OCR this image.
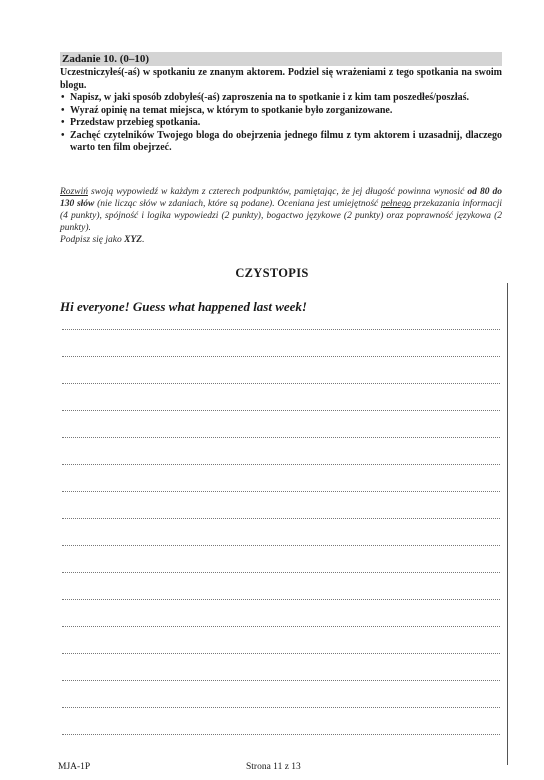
Zadanie 10. (0–10)

Uczestniczyłeś(-aś) w spotkaniu ze znanym aktorem. Podziel się wrażeniami z tego spotkania na swoim blogu.

• Napisz, w jaki sposób zdobyłeś(-aś) zaproszenia na to spotkanie i z kim tam poszedłeś/poszłaś.
• Wyraź opinię na temat miejsca, w którym to spotkanie było zorganizowane.
• Przedstaw przebieg spotkania.
• Zachęć czytelników Twojego bloga do obejrzenia jednego filmu z tym aktorem i uzasadnij, dlaczego warto ten film obejrzeć.

Rozwiń swoją wypowiedź w każdym z czterech podpunktów, pamiętając, że jej długość powinna wynosić od 80 do 130 słów (nie licząc słów w zdaniach, które są podane). Oceniana jest umiejętność pełnego przekazania informacji (4 punkty), spójność i logika wypowiedzi (2 punkty), bogactwo językowe (2 punkty) oraz poprawność językowa (2 punkty).

Podpisz się jako XYZ.

CZYSTOPIS
Hi everyone! Guess what happened last week!
MJA-1P	Strona 11 z 13
